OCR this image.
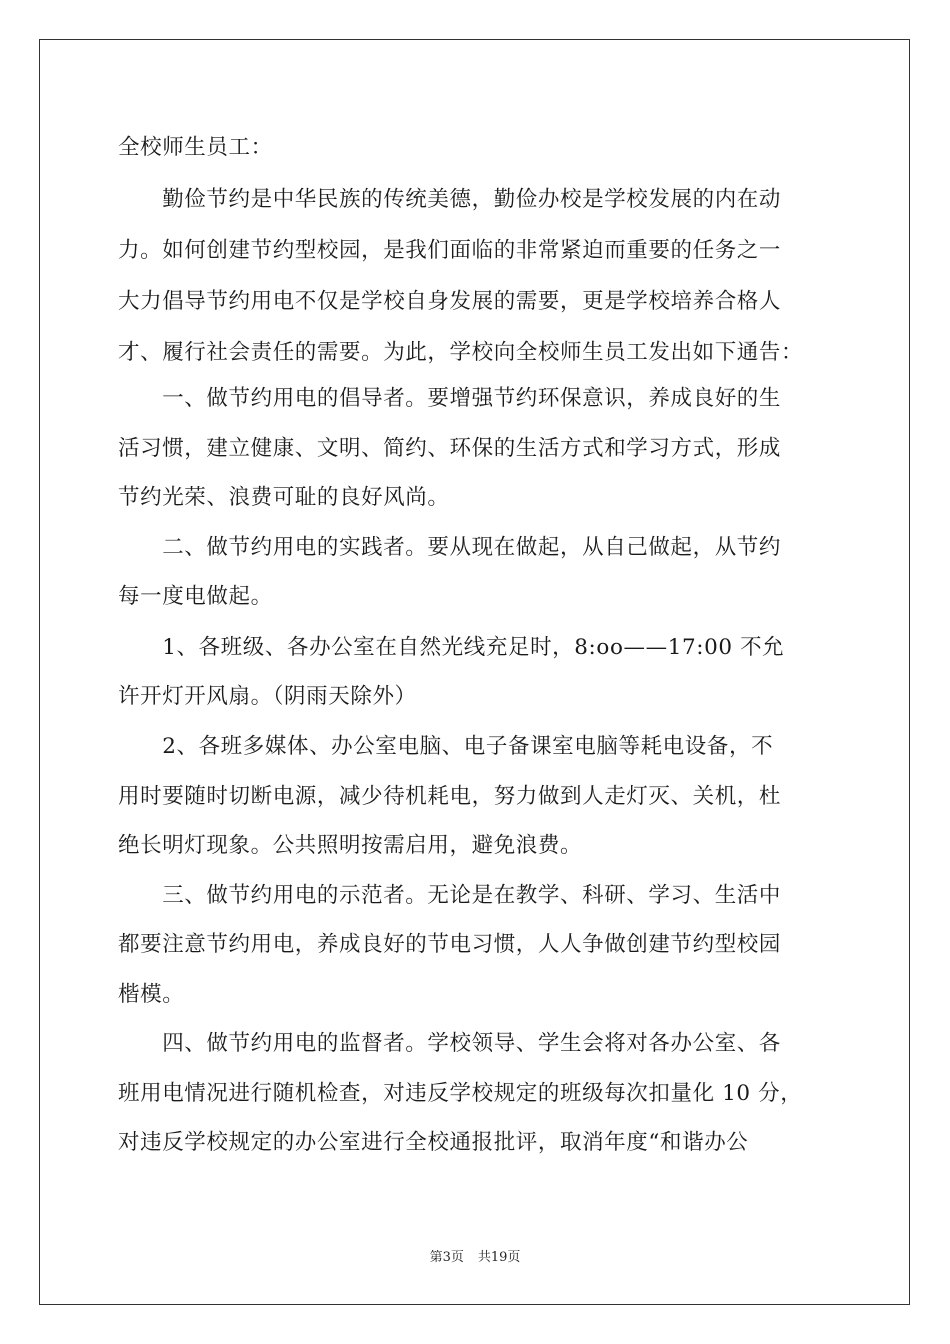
全校师生员工：
　　勤俭节约是中华民族的传统美德，勤俭办校是学校发展的内在动
力。如何创建节约型校园，是我们面临的非常紧迫而重要的任务之一
大力倡导节约用电不仅是学校自身发展的需要，更是学校培养合格人
才、履行社会责任的需要。为此，学校向全校师生员工发出如下通告：
　　一、做节约用电的倡导者。要增强节约环保意识，养成良好的生
活习惯，建立健康、文明、简约、环保的生活方式和学习方式，形成
节约光荣、浪费可耻的良好风尚。
　　二、做节约用电的实践者。要从现在做起，从自己做起，从节约
每一度电做起。
　　1、各班级、各办公室在自然光线充足时，8:oo——17:00 不允
许开灯开风扇。（阴雨天除外）
　　2、各班多媒体、办公室电脑、电子备课室电脑等耗电设备，不
用时要随时切断电源，减少待机耗电，努力做到人走灯灭、关机，杜
绝长明灯现象。公共照明按需启用，避免浪费。
　　三、做节约用电的示范者。无论是在教学、科研、学习、生活中
都要注意节约用电，养成良好的节电习惯，人人争做创建节约型校园
楷模。
　　四、做节约用电的监督者。学校领导、学生会将对各办公室、各
班用电情况进行随机检查，对违反学校规定的班级每次扣量化 10 分，
对违反学校规定的办公室进行全校通报批评，取消年度“和谐办公
第3页 共19页
